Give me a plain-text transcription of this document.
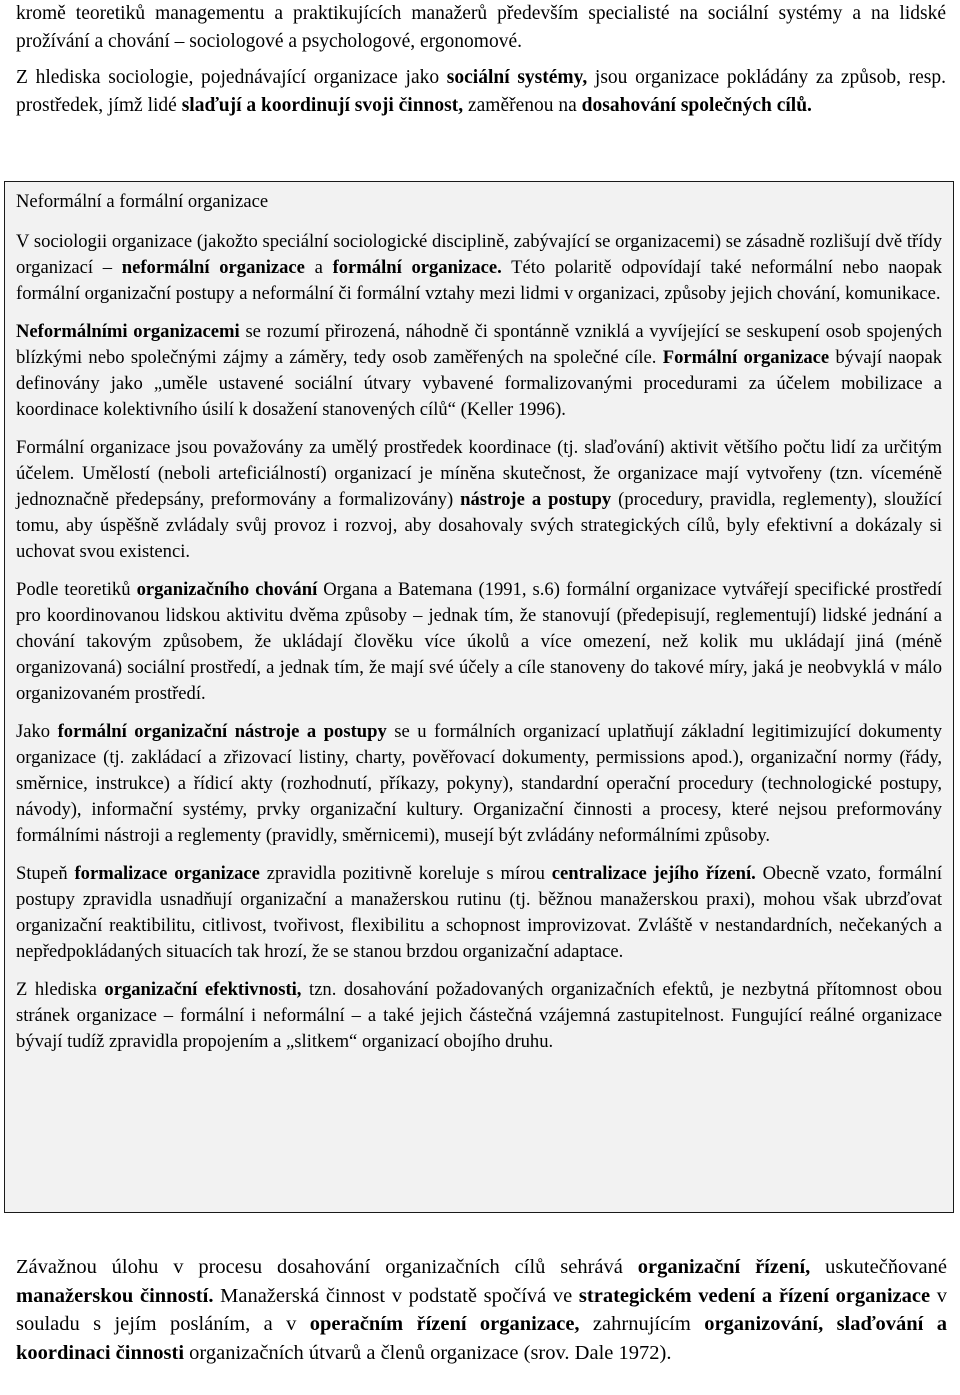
kromě teoretiků managementu a praktikujících manažerů především specialisté na sociální systémy a na lidské prožívání a chování – sociologové a psychologové, ergonomové.

Z hlediska sociologie, pojednávající organizace jako sociální systémy, jsou organizace pokládány za způsob, resp. prostředek, jímž lidé slaďují a koordinují svoji činnost, zaměřenou na dosahování společných cílů.

Neformální a formální organizace

V sociologii organizace (jakožto speciální sociologické disciplině, zabývající se organizacemi) se zásadně rozlišují dvě třídy organizací – neformální organizace a formální organizace. Této polaritě odpovídají také neformální nebo naopak formální organizační postupy a neformální či formální vztahy mezi lidmi v organizaci, způsoby jejich chování, komunikace.

Neformálními organizacemi se rozumí přirozená, náhodně či spontánně vzniklá a vyvíjející se seskupení osob spojených blízkými nebo společnými zájmy a záměry, tedy osob zaměřených na společné cíle. Formální organizace bývají naopak definovány jako „uměle ustavené sociální útvary vybavené formalizovanými procedurami za účelem mobilizace a koordinace kolektivního úsilí k dosažení stanovených cílů“ (Keller 1996).

Formální organizace jsou považovány za umělý prostředek koordinace (tj. slaďování) aktivit většího počtu lidí za určitým účelem. Umělostí (neboli arteficiálností) organizací je míněna skutečnost, že organizace mají vytvořeny (tzn. víceméně jednoznačně předepsány, preformovány a formalizovány) nástroje a postupy (procedury, pravidla, reglementy), sloužící tomu, aby úspěšně zvládaly svůj provoz i rozvoj, aby dosahovaly svých strategických cílů, byly efektivní a dokázaly si uchovat svou existenci.

Podle teoretiků organizačního chování Organa a Batemana (1991, s.6) formální organizace vytvářejí specifické prostředí pro koordinovanou lidskou aktivitu dvěma způsoby – jednak tím, že stanovují (předepisují, reglementují) lidské jednání a chování takovým způsobem, že ukládají člověku více úkolů a více omezení, než kolik mu ukládají jiná (méně organizovaná) sociální prostředí, a jednak tím, že mají své účely a cíle stanoveny do takové míry, jaká je neobvyklá v málo organizovaném prostředí.

Jako formální organizační nástroje a postupy se u formálních organizací uplatňují základní legitimizující dokumenty organizace (tj. zakládací a zřizovací listiny, charty, pověřovací dokumenty, permissions apod.), organizační normy (řády, směrnice, instrukce) a řídicí akty (rozhodnutí, příkazy, pokyny), standardní operační procedury (technologické postupy, návody), informační systémy, prvky organizační kultury. Organizační činnosti a procesy, které nejsou preformovány formálními nástroji a reglementy (pravidly, směrnicemi), musejí být zvládány neformálními způsoby.

Stupeň formalizace organizace zpravidla pozitivně koreluje s mírou centralizace jejího řízení. Obecně vzato, formální postupy zpravidla usnadňují organizační a manažerskou rutinu (tj. běžnou manažerskou praxi), mohou však ubrzďovat organizační reaktibilitu, citlivost, tvořivost, flexibilitu a schopnost improvizovat. Zvláště v nestandardních, nečekaných a nepředpokládaných situacích tak hrozí, že se stanou brzdou organizační adaptace.

Z hlediska organizační efektivnosti, tzn. dosahování požadovaných organizačních efektů, je nezbytná přítomnost obou stránek organizace – formální i neformální – a také jejich částečná vzájemná zastupitelnost. Fungující reálné organizace bývají tudíž zpravidla propojením a „slitkem“ organizací obojího druhu.

Závažnou úlohu v procesu dosahování organizačních cílů sehrává organizační řízení, uskutečňované manažerskou činností. Manažerská činnost v podstatě spočívá ve strategickém vedení a řízení organizace v souladu s jejím posláním, a v operačním řízení organizace, zahrnujícím organizování, slaďování a koordinaci činnosti organizačních útvarů a členů organizace (srov. Dale 1972).
